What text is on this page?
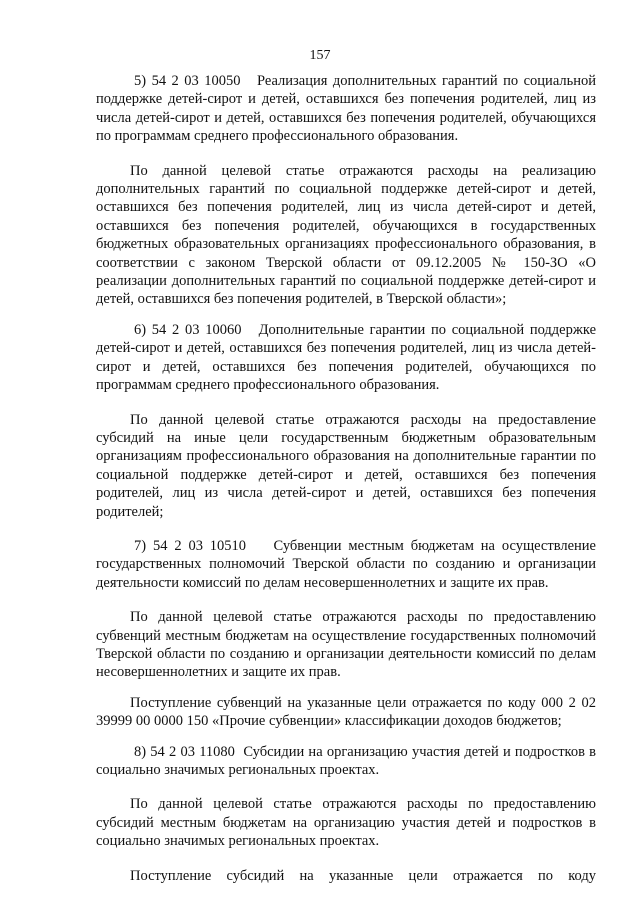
157

5) 54 2 03 10050 Реализация дополнительных гарантий по социальной поддержке детей-сирот и детей, оставшихся без попечения родителей, лиц из числа детей-сирот и детей, оставшихся без попечения родителей, обучающихся по программам среднего профессионального образования.

По данной целевой статье отражаются расходы на реализацию дополнительных гарантий по социальной поддержке детей-сирот и детей, оставшихся без попечения родителей, лиц из числа детей-сирот и детей, оставшихся без попечения родителей, обучающихся в государственных бюджетных образовательных организациях профессионального образования, в соответствии с законом Тверской области от 09.12.2005 № 150-ЗО «О реализации дополнительных гарантий по социальной поддержке детей-сирот и детей, оставшихся без попечения родителей, в Тверской области»;

6) 54 2 03 10060 Дополнительные гарантии по социальной поддержке детей-сирот и детей, оставшихся без попечения родителей, лиц из числа детей-сирот и детей, оставшихся без попечения родителей, обучающихся по программам среднего профессионального образования.

По данной целевой статье отражаются расходы на предоставление субсидий на иные цели государственным бюджетным образовательным организациям профессионального образования на дополнительные гарантии по социальной поддержке детей-сирот и детей, оставшихся без попечения родителей, лиц из числа детей-сирот и детей, оставшихся без попечения родителей;

7) 54 2 03 10510 Субвенции местным бюджетам на осуществление государственных полномочий Тверской области по созданию и организации деятельности комиссий по делам несовершеннолетних и защите их прав.

По данной целевой статье отражаются расходы по предоставлению субвенций местным бюджетам на осуществление государственных полномочий Тверской области по созданию и организации деятельности комиссий по делам несовершеннолетних и защите их прав.

Поступление субвенций на указанные цели отражается по коду 000 2 02 39999 00 0000 150 «Прочие субвенции» классификации доходов бюджетов;

8) 54 2 03 11080 Субсидии на организацию участия детей и подростков в социально значимых региональных проектах.

По данной целевой статье отражаются расходы по предоставлению субсидий местным бюджетам на организацию участия детей и подростков в социально значимых региональных проектах.

Поступление субсидий на указанные цели отражается по коду
